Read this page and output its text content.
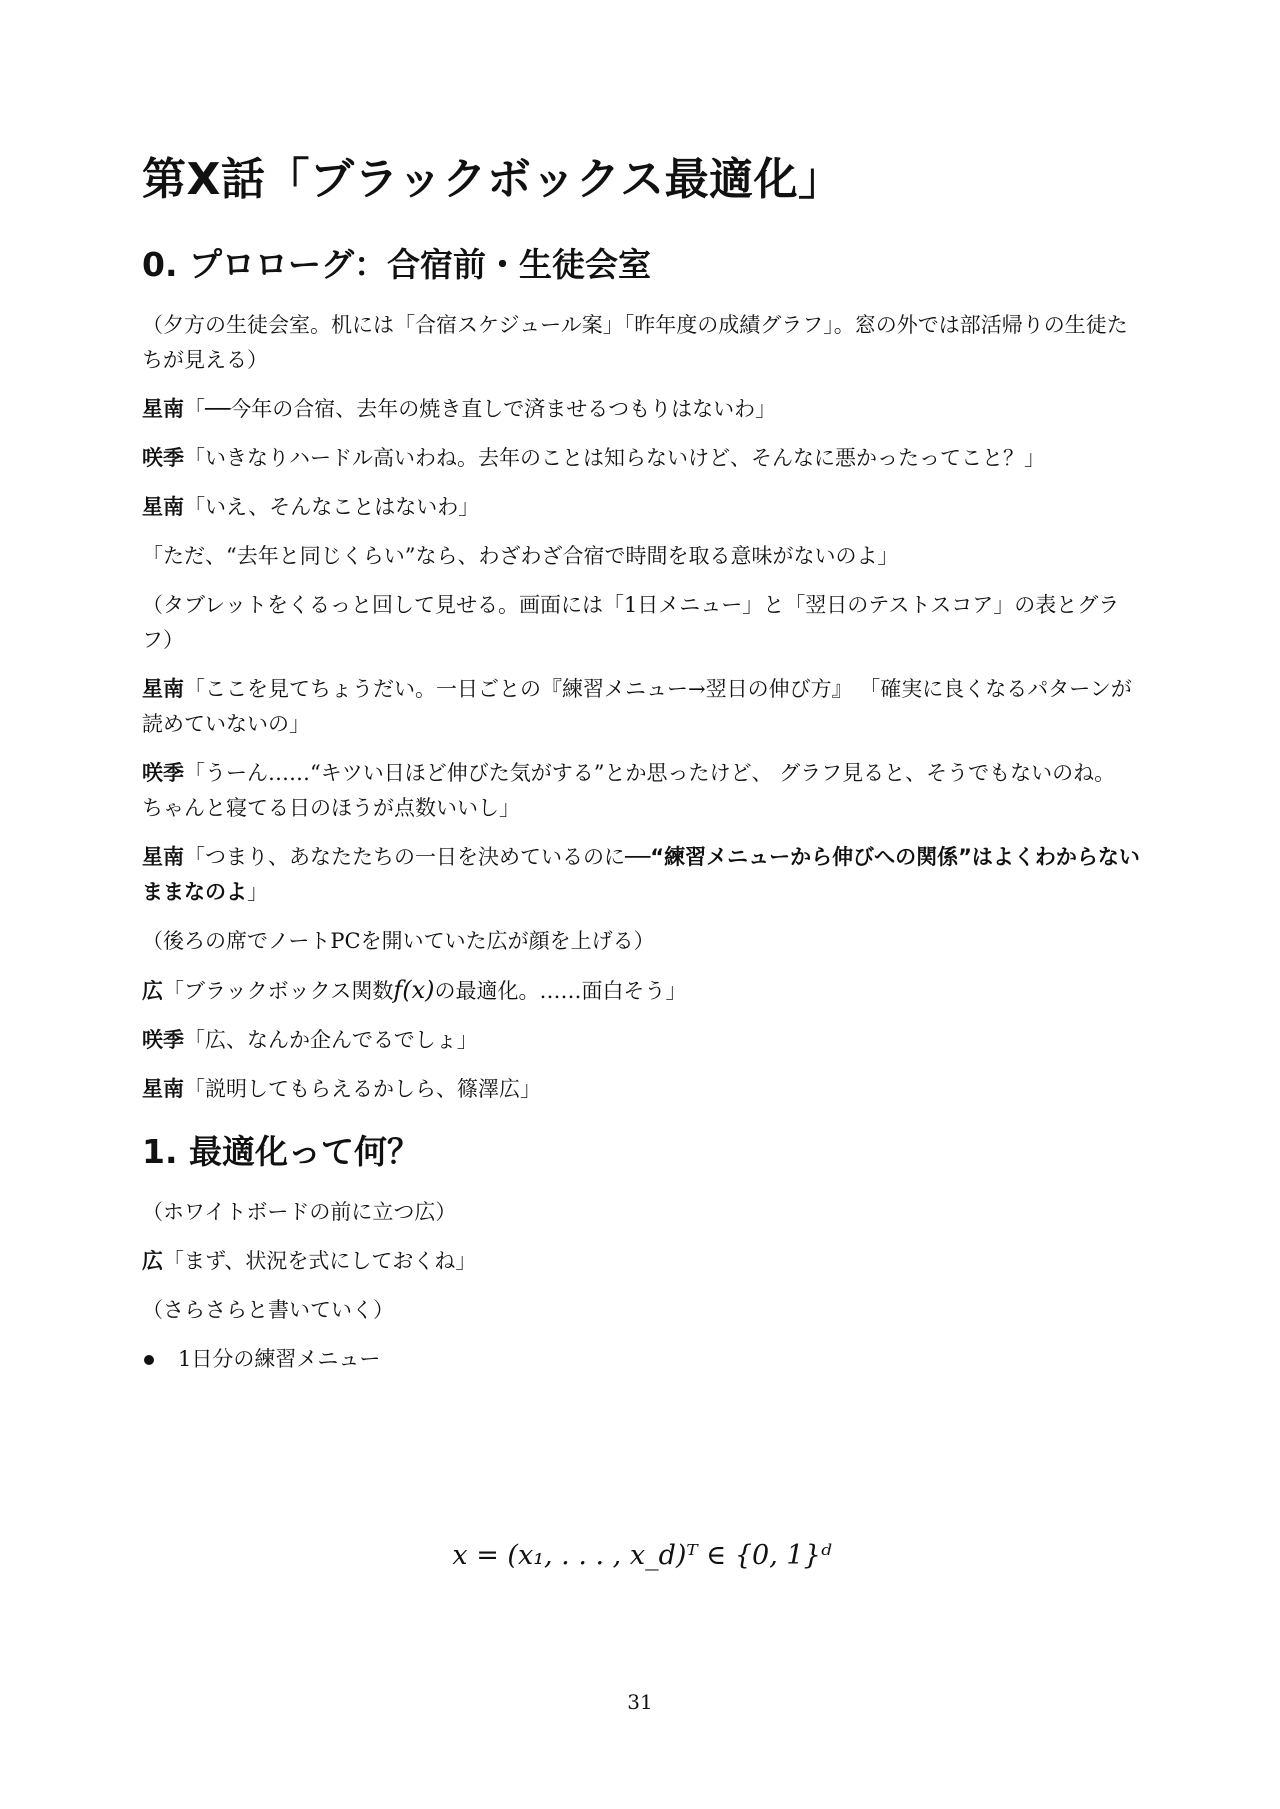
第X話「ブラックボックス最適化」
0. プロローグ：合宿前・生徒会室

（夕方の生徒会室。机には「合宿スケジュール案」「昨年度の成績グラフ」。窓の外では部活帰りの生徒たちが見える）

星南「──今年の合宿、去年の焼き直しで済ませるつもりはないわ」

咲季「いきなりハードル高いわね。去年のことは知らないけど、そんなに悪かったってこと？」

星南「いえ、そんなことはないわ」

「ただ、“去年と同じくらい”なら、わざわざ合宿で時間を取る意味がないのよ」

（タブレットをくるっと回して見せる。画面には「1日メニュー」と「翌日のテストスコア」の表とグラフ）

星南「ここを見てちょうだい。一日ごとの『練習メニュー→翌日の伸び方』 「確実に良くなるパターンが読めていないの」

咲季「うーん……“キツい日ほど伸びた気がする”とか思ったけど、 グラフ見ると、そうでもないのね。 ちゃんと寝てる日のほうが点数いいし」

星南「つまり、あなたたちの一日を決めているのに──“練習メニューから伸びへの関係”はよくわからないままなのよ」

（後ろの席でノートPCを開いていた広が顔を上げる）

広「ブラックボックス関数f(x)の最適化。……面白そう」

咲季「広、なんか企んでるでしょ」

星南「説明してもらえるかしら、篠澤広」

1. 最適化って何？

（ホワイトボードの前に立つ広）

広「まず、状況を式にしておくね」

（さらさらと書いていく）

1日分の練習メニュー
x = (x₁, . . . , x_d)ᵀ ∈ {0, 1}ᵈ
31
